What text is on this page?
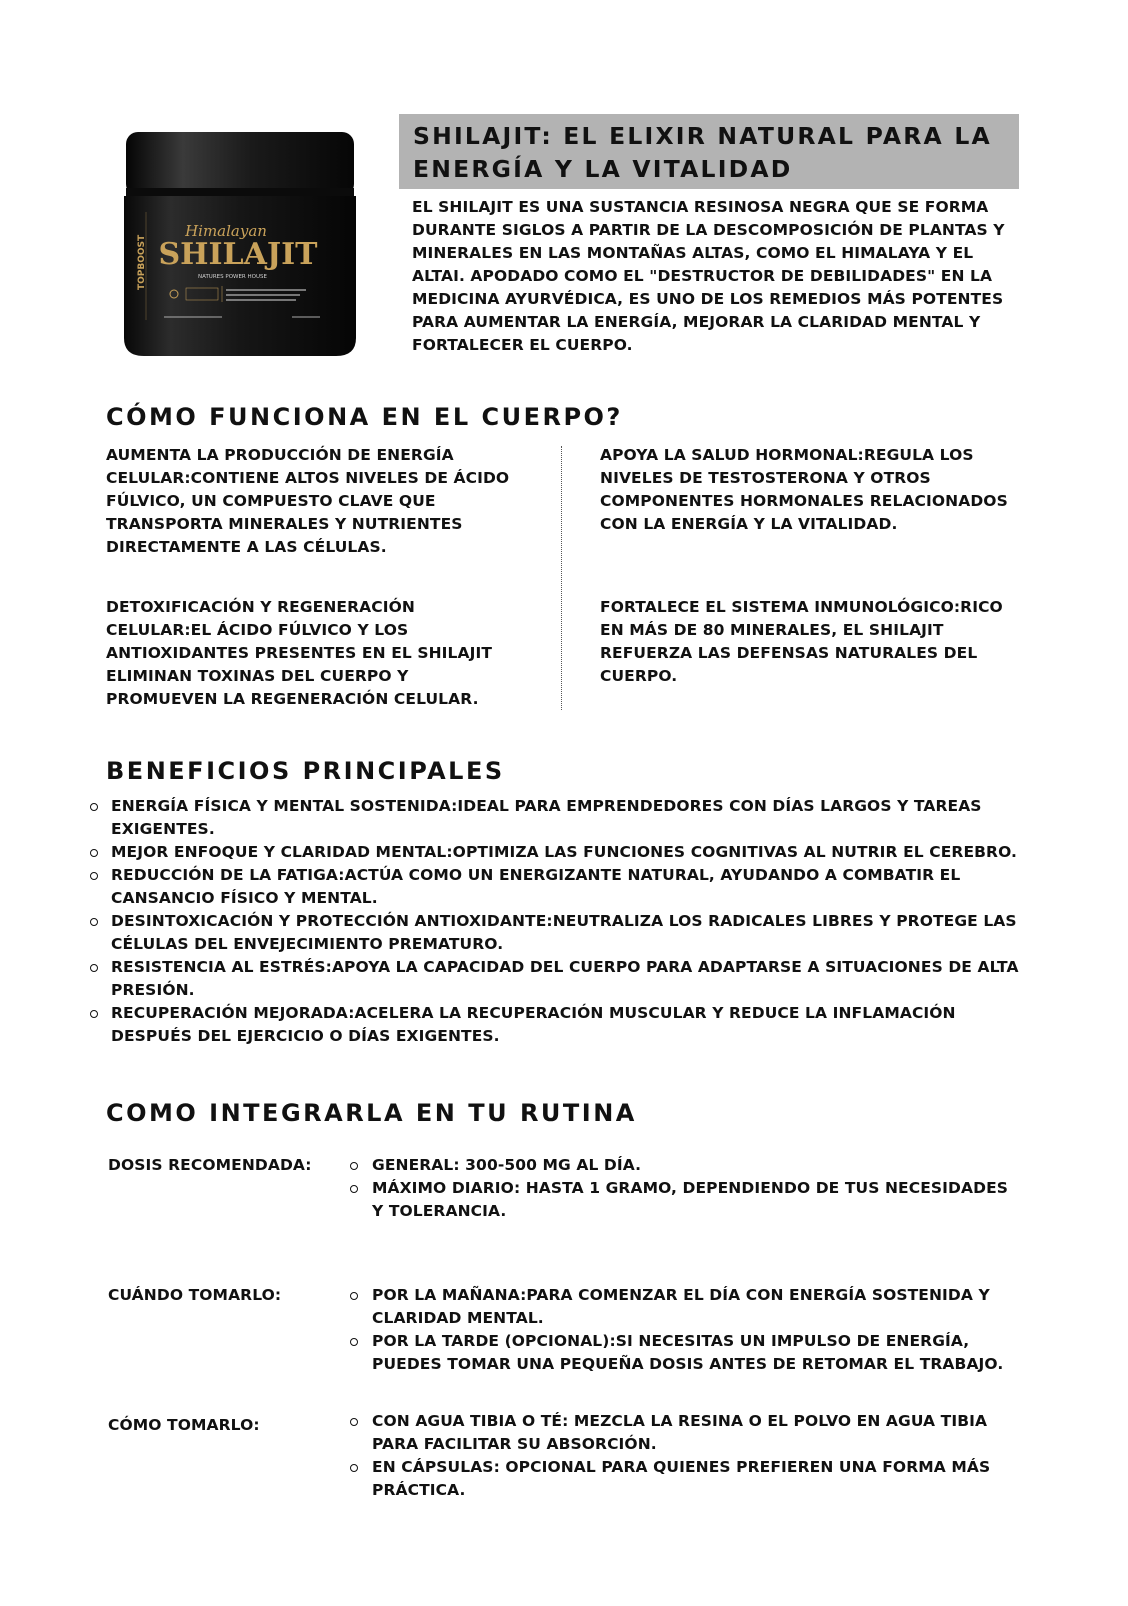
TOPBOOST
Himalayan
SHILAJIT
NATURES POWER HOUSE
SHILAJIT: EL ELIXIR NATURAL PARA LA ENERGÍA Y LA VITALIDAD

EL SHILAJIT ES UNA SUSTANCIA RESINOSA NEGRA QUE SE FORMA DURANTE SIGLOS A PARTIR DE LA DESCOMPOSICIÓN DE PLANTAS Y MINERALES EN LAS MONTAÑAS ALTAS, COMO EL HIMALAYA Y EL ALTAI. APODADO COMO EL "DESTRUCTOR DE DEBILIDADES" EN LA MEDICINA AYURVÉDICA, ES UNO DE LOS REMEDIOS MÁS POTENTES PARA AUMENTAR LA ENERGÍA, MEJORAR LA CLARIDAD MENTAL Y FORTALECER EL CUERPO.

CÓMO FUNCIONA EN EL CUERPO?

AUMENTA LA PRODUCCIÓN DE ENERGÍA CELULAR:CONTIENE ALTOS NIVELES DE ÁCIDO FÚLVICO, UN COMPUESTO CLAVE QUE TRANSPORTA MINERALES Y NUTRIENTES DIRECTAMENTE A LAS CÉLULAS.

APOYA LA SALUD HORMONAL:REGULA LOS NIVELES DE TESTOSTERONA Y OTROS COMPONENTES HORMONALES RELACIONADOS CON LA ENERGÍA Y LA VITALIDAD.

DETOXIFICACIÓN Y REGENERACIÓN CELULAR:EL ÁCIDO FÚLVICO Y LOS ANTIOXIDANTES PRESENTES EN EL SHILAJIT ELIMINAN TOXINAS DEL CUERPO Y PROMUEVEN LA REGENERACIÓN CELULAR.

FORTALECE EL SISTEMA INMUNOLÓGICO:RICO EN MÁS DE 80 MINERALES, EL SHILAJIT REFUERZA LAS DEFENSAS NATURALES DEL CUERPO.

BENEFICIOS PRINCIPALES
ENERGÍA FÍSICA Y MENTAL SOSTENIDA:IDEAL PARA EMPRENDEDORES CON DÍAS LARGOS Y TAREAS EXIGENTES.
MEJOR ENFOQUE Y CLARIDAD MENTAL:OPTIMIZA LAS FUNCIONES COGNITIVAS AL NUTRIR EL CEREBRO.
REDUCCIÓN DE LA FATIGA:ACTÚA COMO UN ENERGIZANTE NATURAL, AYUDANDO A COMBATIR EL CANSANCIO FÍSICO Y MENTAL.
DESINTOXICACIÓN Y PROTECCIÓN ANTIOXIDANTE:NEUTRALIZA LOS RADICALES LIBRES Y PROTEGE LAS CÉLULAS DEL ENVEJECIMIENTO PREMATURO.
RESISTENCIA AL ESTRÉS:APOYA LA CAPACIDAD DEL CUERPO PARA ADAPTARSE A SITUACIONES DE ALTA PRESIÓN.
RECUPERACIÓN MEJORADA:ACELERA LA RECUPERACIÓN MUSCULAR Y REDUCE LA INFLAMACIÓN DESPUÉS DEL EJERCICIO O DÍAS EXIGENTES.
COMO INTEGRARLA EN TU RUTINA

DOSIS RECOMENDADA:	GENERAL: 300-500 MG AL DÍA.
MÁXIMO DIARIO: HASTA 1 GRAMO, DEPENDIENDO DE TUS NECESIDADES Y TOLERANCIA.

CUÁNDO TOMARLO:	POR LA MAÑANA:PARA COMENZAR EL DÍA CON ENERGÍA SOSTENIDA Y CLARIDAD MENTAL.
POR LA TARDE (OPCIONAL):SI NECESITAS UN IMPULSO DE ENERGÍA, PUEDES TOMAR UNA PEQUEÑA DOSIS ANTES DE RETOMAR EL TRABAJO.

CÓMO TOMARLO:	CON AGUA TIBIA O TÉ: MEZCLA LA RESINA O EL POLVO EN AGUA TIBIA PARA FACILITAR SU ABSORCIÓN.
EN CÁPSULAS: OPCIONAL PARA QUIENES PREFIEREN UNA FORMA MÁS PRÁCTICA.
